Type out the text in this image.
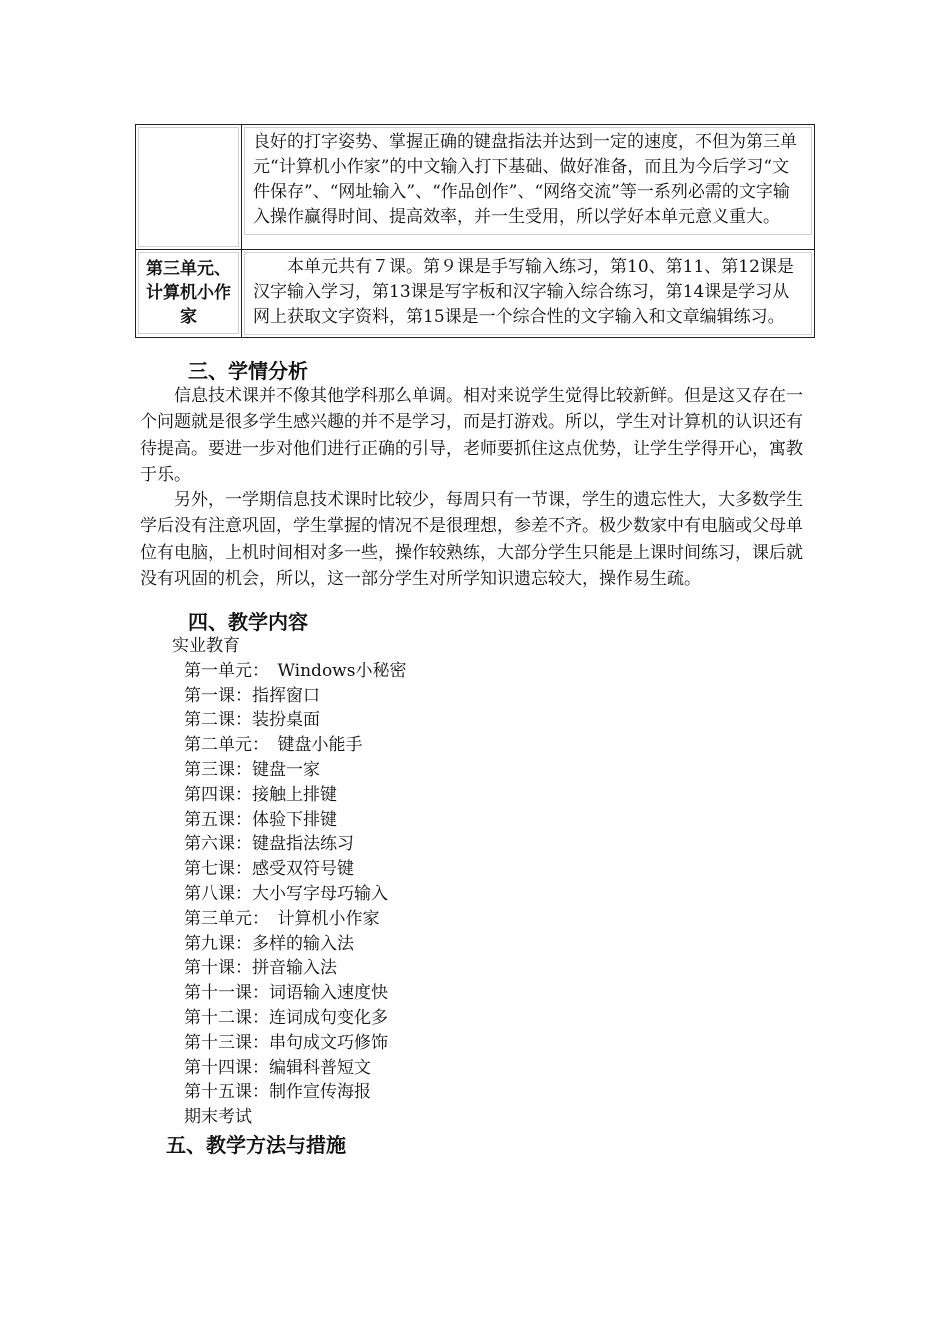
	良好的打字姿势、掌握正确的键盘指法并达到一定的速度，不但为第三单元“计算机小作家”的中文输入打下基础、做好准备，而且为今后学习“文件保存”、“网址输入”、“作品创作”、“网络交流”等一系列必需的文字输入操作赢得时间、提高效率，并一生受用，所以学好本单元意义重大。

第三单元、计算机小作家	本单元共有７课。第９课是手写输入练习，第10、第11、第12课是汉字输入学习，第13课是写字板和汉字输入综合练习，第14课是学习从网上获取文字资料，第15课是一个综合性的文字输入和文章编辑练习。
三、学情分析

信息技术课并不像其他学科那么单调。相对来说学生觉得比较新鲜。但是这又存在一个问题就是很多学生感兴趣的并不是学习，而是打游戏。所以，学生对计算机的认识还有待提高。要进一步对他们进行正确的引导，老师要抓住这点优势，让学生学得开心，寓教于乐。

另外，一学期信息技术课时比较少，每周只有一节课，学生的遗忘性大，大多数学生学后没有注意巩固，学生掌握的情况不是很理想，参差不齐。极少数家中有电脑或父母单位有电脑，上机时间相对多一些，操作较熟练，大部分学生只能是上课时间练习，课后就没有巩固的机会，所以，这一部分学生对所学知识遗忘较大，操作易生疏。

四、教学内容
实业教育
第一单元：　Windows小秘密
第一课：指挥窗口
第二课：装扮桌面
第二单元：　键盘小能手
第三课：键盘一家
第四课：接触上排键
第五课：体验下排键
第六课：键盘指法练习
第七课：感受双符号键
第八课：大小写字母巧输入
第三单元：　计算机小作家
第九课：多样的输入法
第十课：拼音输入法
第十一课：词语输入速度快
第十二课：连词成句变化多
第十三课：串句成文巧修饰
第十四课：编辑科普短文
第十五课：制作宣传海报
期末考试
五、教学方法与措施
